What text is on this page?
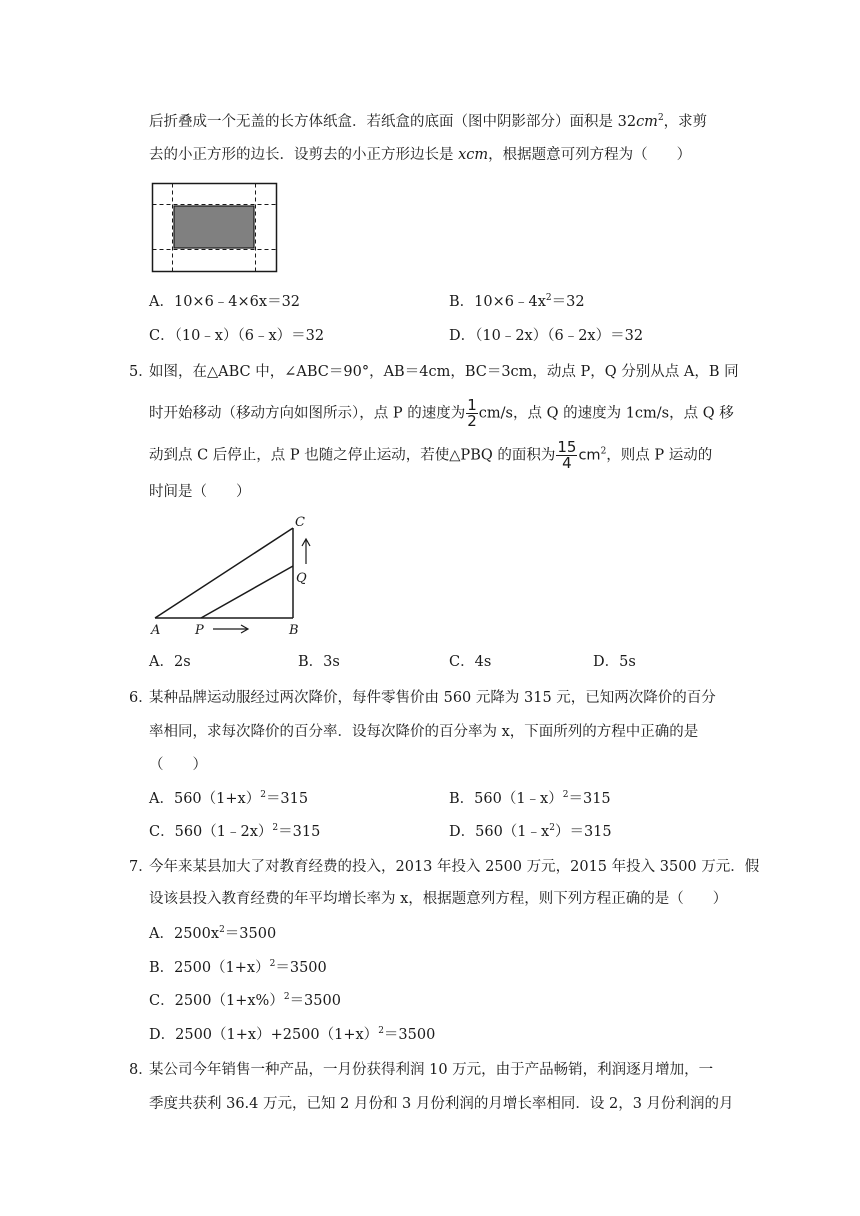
后折叠成一个无盖的长方体纸盒．若纸盒的底面（图中阴影部分）面积是 $32cm^2$，求剪
去的小正方形的边长．设剪去的小正方形边长是 xcm，根据题意可列方程为（　　）
A．10×6﹣4×6x＝32	B．$10\times 6﹣4x^2=32$
C．（10﹣x）（6﹣x）＝32	D．（10﹣2x）（6﹣2x）＝32
5．
如图，在△ABC 中，∠ABC＝90°，AB＝4cm，BC＝3cm，动点 P，Q 分别从点 A，B 同
时开始移动（移动方向如图所示），点 P 的速度为 $\frac{1}{2} cm/s$，点 Q 的速度为 1cm/s，点 Q 移
动到点 C 后停止，点 P 也随之停止运动，若使△PBQ 的面积为 $\frac{15}{4} cm^2$，则点 P 运动的
时间是（　　）
A	P	B
Q
C
A．2s	B．3s	C．4s	D．5s
6．
某种品牌运动服经过两次降价，每件零售价由 560 元降为 315 元，已知两次降价的百分
率相同，求每次降价的百分率．设每次降价的百分率为 x，下面所列的方程中正确的是
（　　）
A．$560(1+x)^2=315$	B．560（1﹣x）$^2$＝315
C．560（1﹣2x）$^2$＝315	D．$560(1﹣x^2)=315$
7．
今年来某县加大了对教育经费的投入，2013 年投入 2500 万元，2015 年投入 3500 万元．假
设该县投入教育经费的年平均增长率为 x，根据题意列方程，则下列方程正确的是（　　）
A．$2500x^2=3500$
B．$2500(1+x)^2=3500$
C．$2500(1+x\%)^2=3500$
D．$2500(1+x)+2500(1+x)^2=3500$
8．
某公司今年销售一种产品，一月份获得利润 10 万元，由于产品畅销，利润逐月增加，一
季度共获利 36.4 万元，已知 2 月份和 3 月份利润的月增长率相同．设 2，3 月份利润的月
